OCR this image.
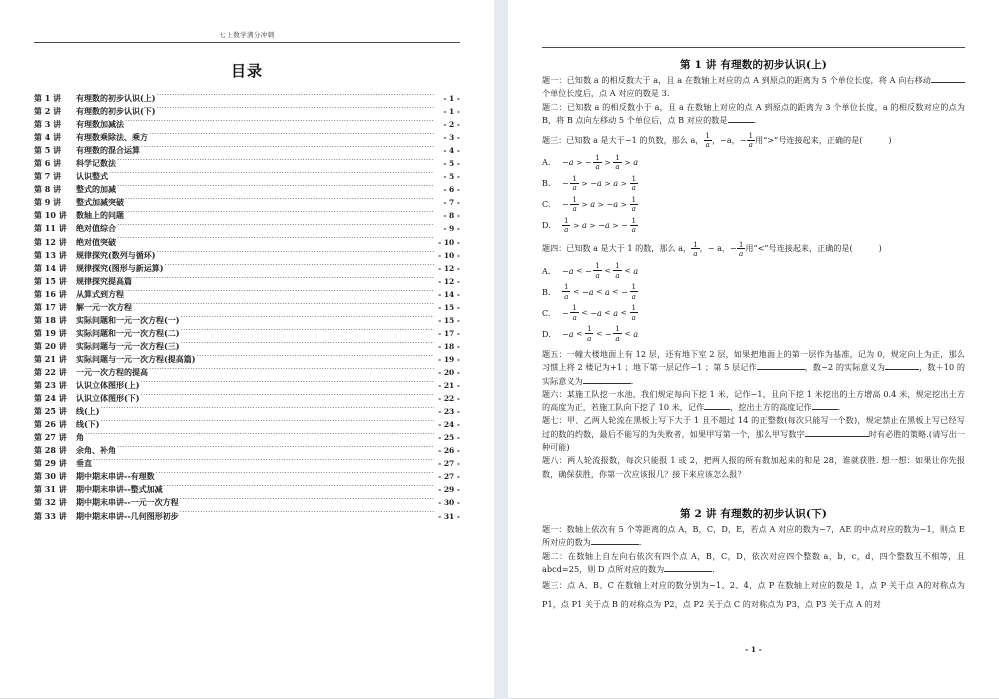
七上数学满分冲刺
目录
第 1 讲	有理数的初步认识(上) .....	- 1 -
第 2 讲	有理数的初步认识(下) .....	- 1 -
第 3 讲	有理数加减法 .....	- 2 -
第 4 讲	有理数乘除法、乘方 .....	- 3 -
第 5 讲	有理数的混合运算 .....	- 4 -
第 6 讲	科学记数法 .....	- 5 -
第 7 讲	认识整式 .....	- 5 -
第 8 讲	整式的加减 .....	- 6 -
第 9 讲	整式加减突破 .....	- 7 -
第 10 讲	数轴上的问题 .....	- 8 -
第 11 讲	绝对值综合 .....	- 9 -
第 12 讲	绝对值突破 .....	- 10 -
第 13 讲	规律探究(数列与循环) .....	- 10 -
第 14 讲	规律探究(图形与新运算) .....	- 12 -
第 15 讲	规律探究提高篇 .....	- 12 -
第 16 讲	从算式到方程 .....	- 14 -
第 17 讲	解一元一次方程 .....	- 15 -
第 18 讲	实际问题和一元一次方程(一) .....	- 15 -
第 19 讲	实际问题和一元一次方程(二) .....	- 17 -
第 20 讲	实际问题与一元一次方程(三) .....	- 18 -
第 21 讲	实际问题与一元一次方程(提高篇) .....	- 19 -
第 22 讲	一元一次方程的提高 .....	- 20 -
第 23 讲	认识立体图形(上) .....	- 21 -
第 24 讲	认识立体图形(下) .....	- 22 -
第 25 讲	线(上) .....	- 23 -
第 26 讲	线(下) .....	- 24 -
第 27 讲	角 .....	- 25 -
第 28 讲	余角、补角 .....	- 26 -
第 29 讲	垂直 .....	- 27 -
第 30 讲	期中期末串讲--有理数 .....	- 27 -
第 31 讲	期中期末串讲--整式加减 .....	- 29 -
第 32 讲	期中期末串讲--一元一次方程 .....	- 30 -
第 33 讲	期中期末串讲--几何图形初步 .....	- 31 -
第 1 讲 有理数的初步认识(上)

题一：已知数 a 的相反数大于 a，且 a 在数轴上对应的点 A 到原点的距离为 5 个单位长度，将 A 向右移动个单位长度后，点 A 对应的数是 3.

题二：已知数 a 的相反数小于 a，且 a 在数轴上对应的点 A 到原点的距离为 3 个单位长度，a 的相反数对应的点为 B，将 B 点向左移动 5 个单位后，点 B 对应的数是	.

题三：已知数 a 是大于−1 的负数，那么 a， $\frac{1}{a}$ ，−a，− $\frac{1}{a}$ 用“>”号连接起来，正确的是(	)
A.	−a > − $\frac{1}{a} > \frac{1}{a} > a$
B.	− $\frac{1}{a} > -a > a > \frac{1}{a}$
C.	− $\frac{1}{a} > a > -a > \frac{1}{a}$
D.	$\frac{1}{a} > a > -a$ > − $\frac{1}{a}$
题四：已知数 a 是大于 1 的数，那么 a， $\frac{1}{a}$ ，− a，− $\frac{1}{a}$ 用“<”号连接起来，正确的是(	)
A.	−a < − $\frac{1}{a} < \frac{1}{a} < a$
B.	$\frac{1}{a} < -a < a$ < − $\frac{1}{a}$
C.	− $\frac{1}{a} < -a < a < \frac{1}{a}$
D.	$-a < \frac{1}{a}$ < − $\frac{1}{a} < a$

题五：一幢大楼地面上有 12 层，还有地下室 2 层，如果把地面上的第一层作为基准，记为 0，规定向上为正，那么习惯上将 2 楼记为+1 ；地下第一层记作−1 ；第 5 层记作	，数−2 的实际意义为	，数＋10 的实际意义为	.

题六：某施工队挖一水池，我们规定每向下挖 1 米，记作−1，且向下挖 1 米挖出的土方增高 0.4 米，规定挖出土方的高度为正，若施工队向下挖了 10 米，记作	，挖出土方的高度记作	.

题七：甲、乙两人轮流在黑板上写下大于 1 且不超过 14 的正整数(每次只能写一个数)，规定禁止在黑板上写已经写过的数的约数，最后不能写的为失败者，如果甲写第一个，那么甲写数字	时有必胜的策略.(请写出一种可能)

题八：两人轮流报数，每次只能报 1 或 2，把两人报的所有数加起来的和是 28，谁就获胜. 想一想：如果让你先报数，确保获胜，你第一次应该报几？接下来应该怎么报？

第 2 讲 有理数的初步认识(下)

题一：数轴上依次有 5 个等距离的点 A，B，C，D，E，若点 A 对应的数为−7，AE 的中点对应的数为−1，则点 E 所对应的数为	.

题二：在数轴上自左向右依次有四个点 A，B，C，D，依次对应四个整数 a，b，c，d，四个整数互不相等，且 abcd=25，则 D 点所对应的数为	.

题三：点 A、B、C 在数轴上对应的数分别为−1、2、4，点 P 在数轴上对应的数是 1，点 P 关于点 A的对称点为 P1，点 P1 关于点 B 的对称点为 P2，点 P2 关于点 C 的对称点为 P3，点 P3 关于点 A 的对

- 1 -
